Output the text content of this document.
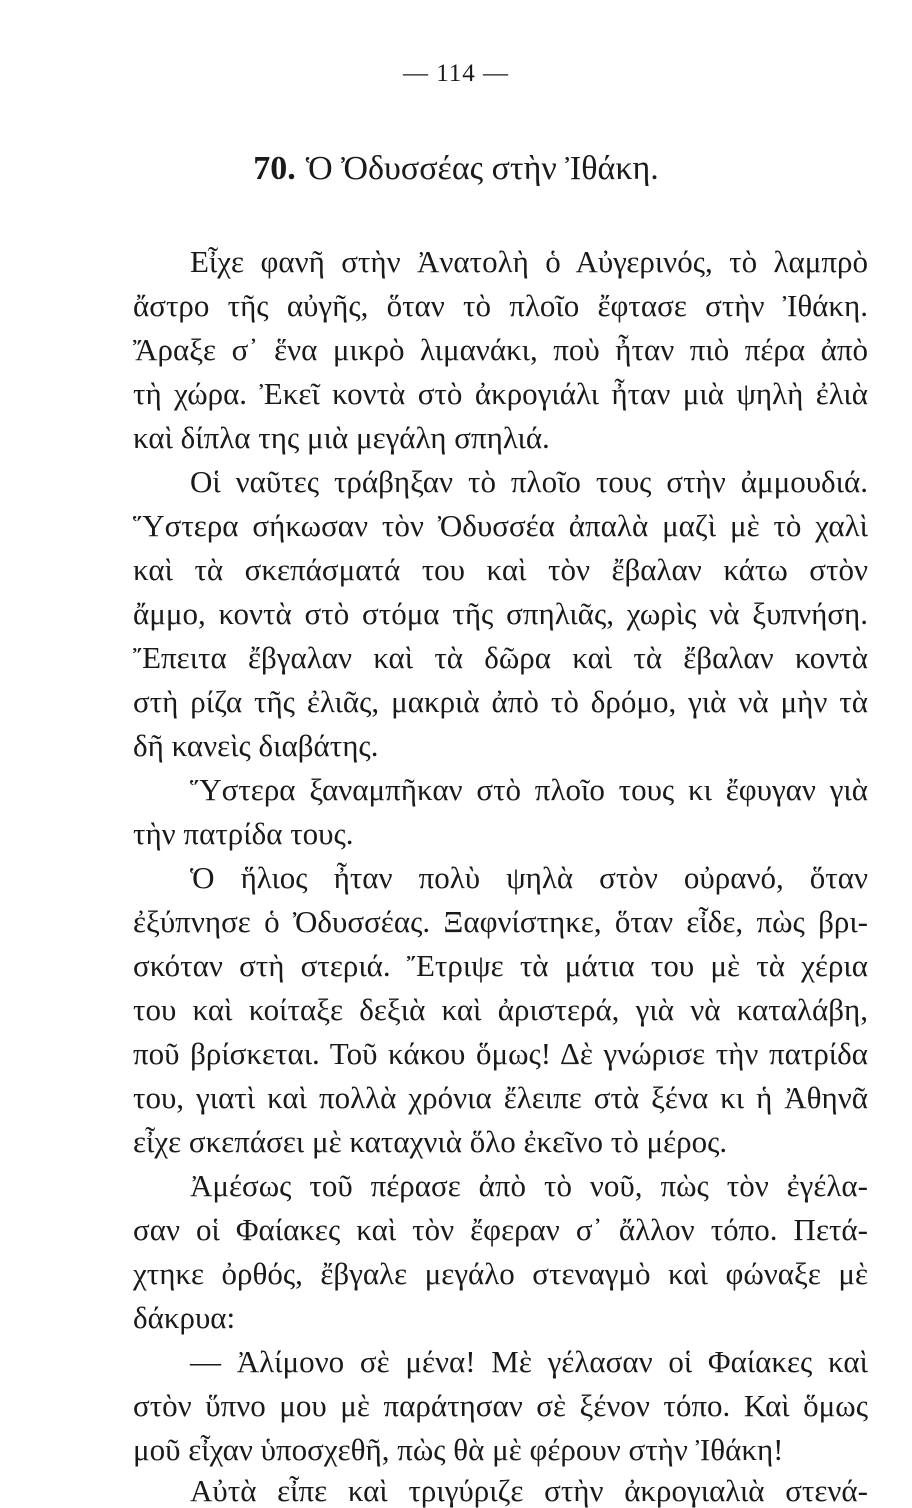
— 114 —
70. Ὁ Ὀδυσσέας στὴν Ἰθάκη.
Εἶχε φανῆ στὴν Ἀνατολὴ ὁ Αὐγερινός, τὸ λαμπρὸ
ἄστρο τῆς αὐγῆς, ὅταν τὸ πλοῖο ἔφτασε στὴν Ἰθάκη.
Ἄραξε σ᾽ ἕνα μικρὸ λιμανάκι, ποὺ ἦταν πιὸ πέρα ἀπὸ
τὴ χώρα. Ἐκεῖ κοντὰ στὸ ἀκρογιάλι ἦταν μιὰ ψηλὴ ἐλιὰ
καὶ δίπλα της μιὰ μεγάλη σπηλιά.
Οἱ ναῦτες τράβηξαν τὸ πλοῖο τους στὴν ἀμμουδιά.
Ὕστερα σήκωσαν τὸν Ὀδυσσέα ἀπαλὰ μαζὶ μὲ τὸ χαλὶ
καὶ τὰ σκεπάσματά του καὶ τὸν ἔβαλαν κάτω στὸν
ἄμμο, κοντὰ στὸ στόμα τῆς σπηλιᾶς, χωρὶς νὰ ξυπνήση.
Ἔπειτα ἔβγαλαν καὶ τὰ δῶρα καὶ τὰ ἔβαλαν κοντὰ
στὴ ρίζα τῆς ἐλιᾶς, μακριὰ ἀπὸ τὸ δρόμο, γιὰ νὰ μὴν τὰ
δῆ κανεὶς διαβάτης.
Ὕστερα ξαναμπῆκαν στὸ πλοῖο τους κι ἔφυγαν γιὰ
τὴν πατρίδα τους.
Ὁ ἥλιος ἦταν πολὺ ψηλὰ στὸν οὐρανό, ὅταν
ἐξύπνησε ὁ Ὀδυσσέας. Ξαφνίστηκε, ὅταν εἶδε, πὼς βρι-
σκόταν στὴ στεριά. Ἔτριψε τὰ μάτια του μὲ τὰ χέρια
του καὶ κοίταξε δεξιὰ καὶ ἀριστερά, γιὰ νὰ καταλάβη,
ποῦ βρίσκεται. Τοῦ κάκου ὅμως! Δὲ γνώρισε τὴν πατρίδα
του, γιατὶ καὶ πολλὰ χρόνια ἔλειπε στὰ ξένα κι ἡ Ἀθηνᾶ
εἶχε σκεπάσει μὲ καταχνιὰ ὅλο ἐκεῖνο τὸ μέρος.
Ἀμέσως τοῦ πέρασε ἀπὸ τὸ νοῦ, πὼς τὸν ἐγέλα-
σαν οἱ Φαίακες καὶ τὸν ἔφεραν σ᾽ ἄλλον τόπο. Πετά-
χτηκε ὀρθός, ἔβγαλε μεγάλο στεναγμὸ καὶ φώναξε μὲ
δάκρυα:
— Ἀλίμονο σὲ μένα! Μὲ γέλασαν οἱ Φαίακες καὶ
στὸν ὕπνο μου μὲ παράτησαν σὲ ξένον τόπο. Καὶ ὅμως
μοῦ εἶχαν ὑποσχεθῆ, πὼς θὰ μὲ φέρουν στὴν Ἰθάκη!
Αὐτὰ εἶπε καὶ τριγύριζε στὴν ἀκρογιαλιὰ στενά-
